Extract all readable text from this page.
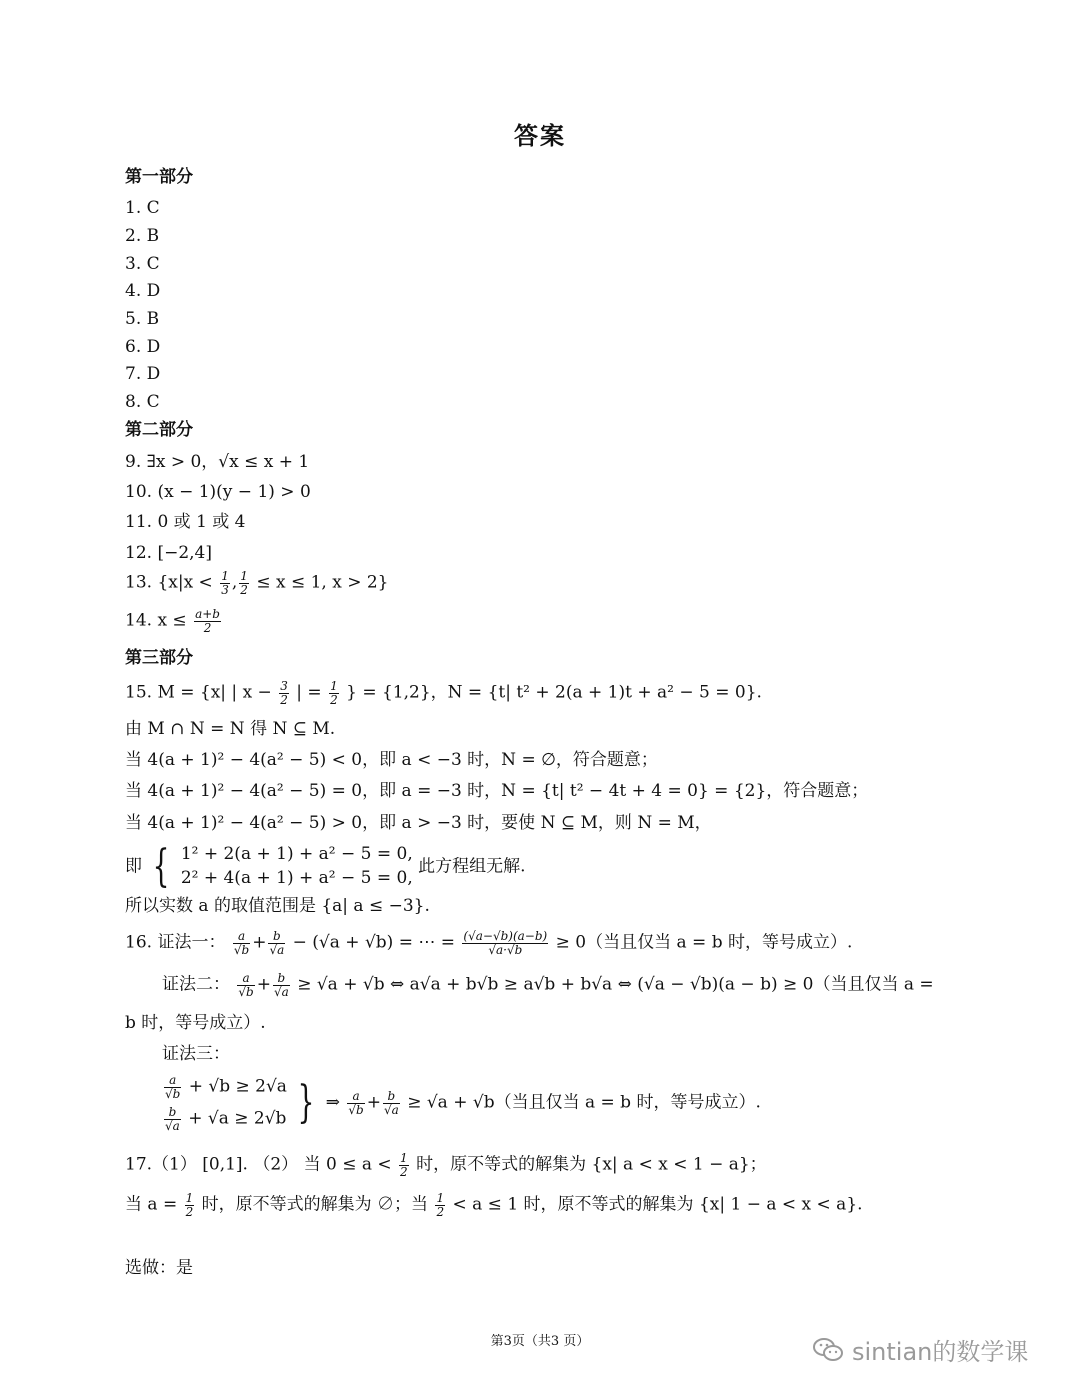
答案
第一部分
1. C
2. B
3. C
4. D
5. B
6. D
7. D
8. C
第二部分
9. ∃x > 0，√x ≤ x + 1
10. (x − 1)(y − 1) > 0
11. 0 或 1 或 4
12. [−2,4]
13. {$x|x < \frac{1}{3}$ , $\frac{1}{2} \le x \le 1$, x > 2}
14. $x \le \frac{a+b}{2}$
第三部分
15. M = {x| | $x - \frac{3}{2}$ | = $\frac{1}{2}$ } = {1,2}，N = {t| t² + 2(a + 1)t + a² − 5 = 0}.
由 M ∩ N = N 得 N ⊆ M.
当 4(a + 1)² − 4(a² − 5) < 0，即 a < −3 时，N = ∅，符合题意；
当 4(a + 1)² − 4(a² − 5) = 0，即 a = −3 时，N = {t| t² − 4t + 4 = 0} = {2}，符合题意；
当 4(a + 1)² − 4(a² − 5) > 0，即 a > −3 时，要使 N ⊆ M，则 N = M，
即 { 1² + 2(a + 1) + a² − 5 = 0,
2² + 4(a + 1) + a² − 5 = 0,
此方程组无解.
所以实数 a 的取值范围是 {a| a ≤ −3}.
16. 证法一： $\frac{a}{√b} + \frac{b}{√a} - (√a + √b)$ = ⋯ = $\frac{(√a-√b)(a-b)}{√a\cdot√b} \ge 0$（当且仅当 a = b 时，等号成立）.
证法二： $\frac{a}{√b} + \frac{b}{√a} \ge √a + √b$ ⇔ a√a + b√b ≥ a√b + b√a ⇔ (√a − √b)(a − b) ≥ 0（当且仅当 a =
b 时，等号成立）.
证法三：
$\frac{a}{√b} + √b \ge 2√a$
$\frac{b}{√a} + √a \ge 2√b$ { ⇒ $\frac{a}{√b} + \frac{b}{√a} \ge √a + √b$（当且仅当 a = b 时，等号成立）.
17.（1） [0,1]. （2） 当 $0 \le a < \frac{1}{2}$ 时，原不等式的解集为 {x| a < x < 1 − a}；
当 $a = \frac{1}{2}$ 时，原不等式的解集为 ∅；当 $\frac{1}{2} < a \le 1$ 时，原不等式的解集为 {x| 1 − a < x < a}.
选做：是
第3页（共3 页）	sintian的数学课
